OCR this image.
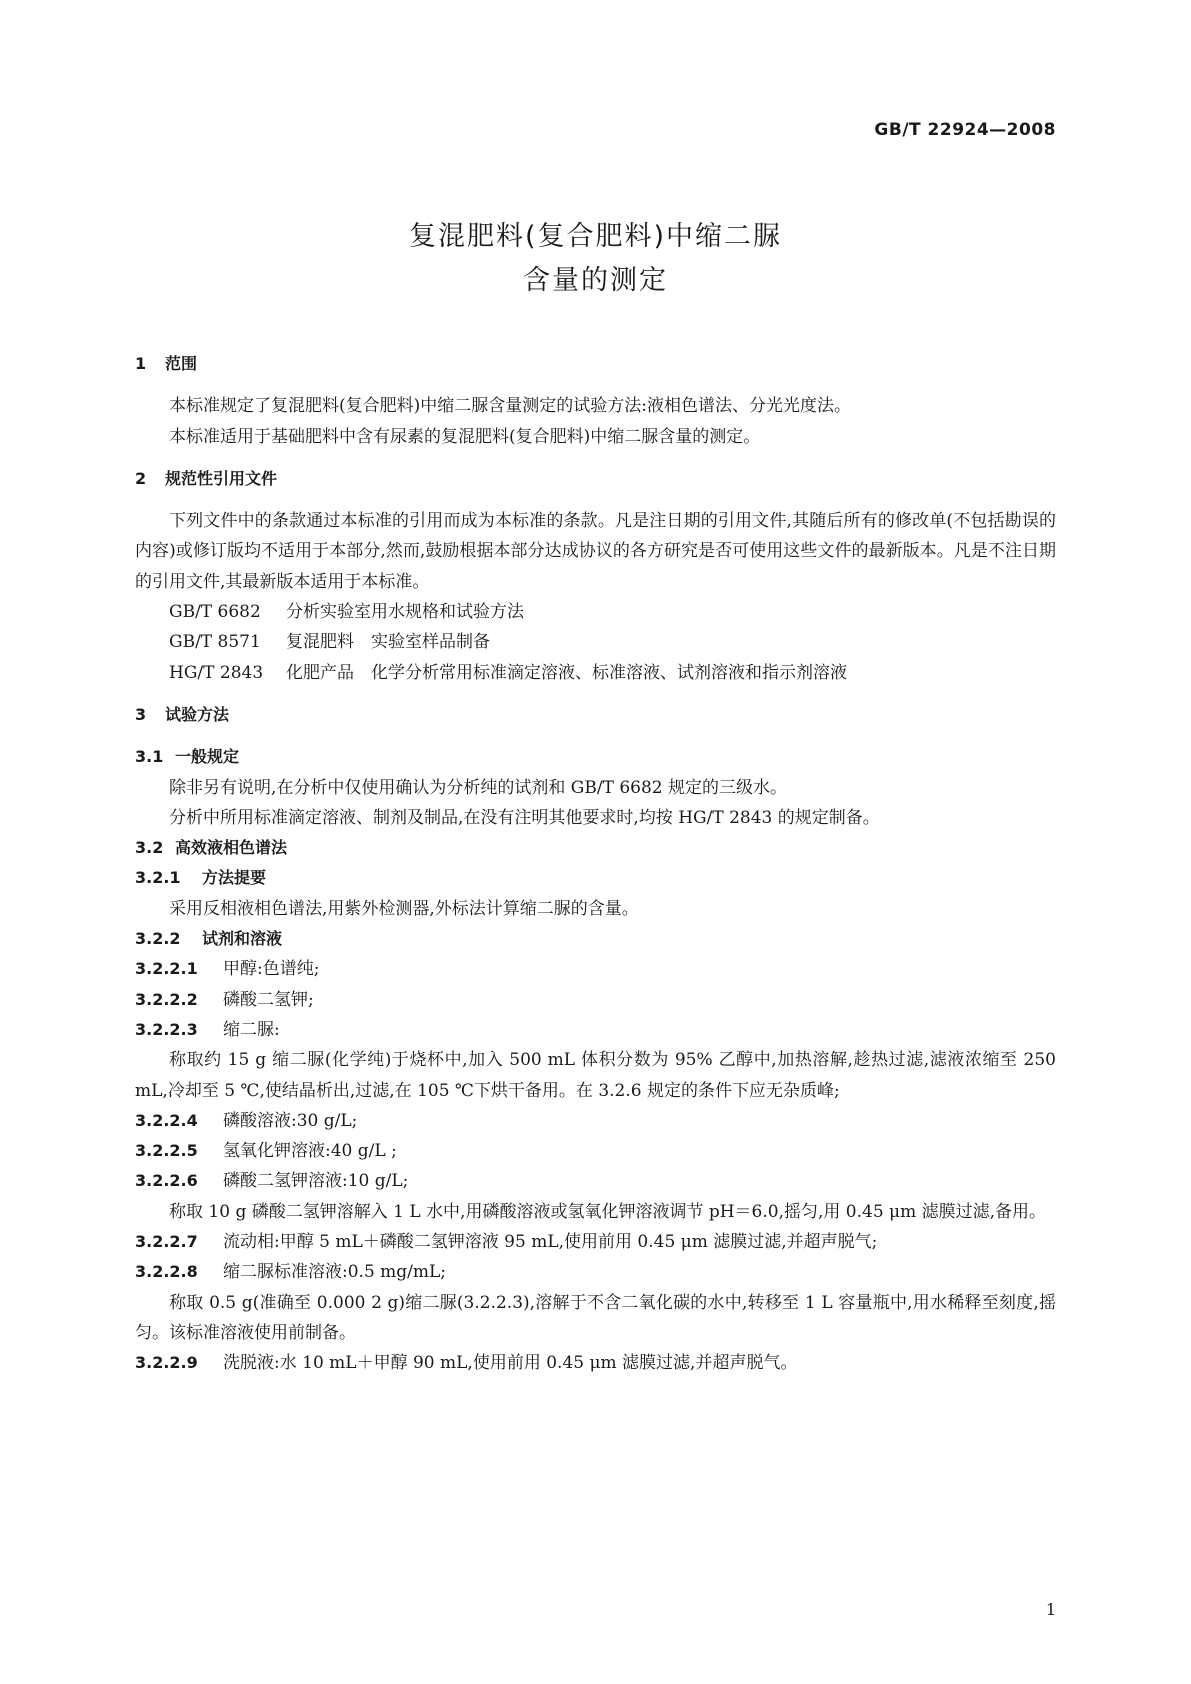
GB/T 22924—2008
复混肥料(复合肥料)中缩二脲
含量的测定
1 范围
本标准规定了复混肥料(复合肥料)中缩二脲含量测定的试验方法:液相色谱法、分光光度法。
本标准适用于基础肥料中含有尿素的复混肥料(复合肥料)中缩二脲含量的测定。
2 规范性引用文件
下列文件中的条款通过本标准的引用而成为本标准的条款。凡是注日期的引用文件,其随后所有的修改单(不包括勘误的内容)或修订版均不适用于本部分,然而,鼓励根据本部分达成协议的各方研究是否可使用这些文件的最新版本。凡是不注日期的引用文件,其最新版本适用于本标准。
GB/T 6682 分析实验室用水规格和试验方法
GB/T 8571 复混肥料　实验室样品制备
HG/T 2843 化肥产品　化学分析常用标准滴定溶液、标准溶液、试剂溶液和指示剂溶液
3 试验方法
3.1 一般规定
除非另有说明,在分析中仅使用确认为分析纯的试剂和 GB/T 6682 规定的三级水。
分析中所用标准滴定溶液、制剂及制品,在没有注明其他要求时,均按 HG/T 2843 的规定制备。
3.2 高效液相色谱法
3.2.1 方法提要
采用反相液相色谱法,用紫外检测器,外标法计算缩二脲的含量。
3.2.2 试剂和溶液
3.2.2.1 甲醇:色谱纯;
3.2.2.2 磷酸二氢钾;
3.2.2.3 缩二脲:
称取约 15 g 缩二脲(化学纯)于烧杯中,加入 500 mL 体积分数为 95% 乙醇中,加热溶解,趁热过滤,滤液浓缩至 250 mL,冷却至 5 ℃,使结晶析出,过滤,在 105 ℃下烘干备用。在 3.2.6 规定的条件下应无杂质峰;
3.2.2.4 磷酸溶液:30 g/L;
3.2.2.5 氢氧化钾溶液:40 g/L ;
3.2.2.6 磷酸二氢钾溶液:10 g/L;
称取 10 g 磷酸二氢钾溶解入 1 L 水中,用磷酸溶液或氢氧化钾溶液调节 pH＝6.0,摇匀,用 0.45 μm 滤膜过滤,备用。
3.2.2.7 流动相:甲醇 5 mL＋磷酸二氢钾溶液 95 mL,使用前用 0.45 μm 滤膜过滤,并超声脱气;
3.2.2.8 缩二脲标准溶液:0.5 mg/mL;
称取 0.5 g(准确至 0.000 2 g)缩二脲(3.2.2.3),溶解于不含二氧化碳的水中,转移至 1 L 容量瓶中,用水稀释至刻度,摇匀。该标准溶液使用前制备。
3.2.2.9 洗脱液:水 10 mL＋甲醇 90 mL,使用前用 0.45 μm 滤膜过滤,并超声脱气。
1
